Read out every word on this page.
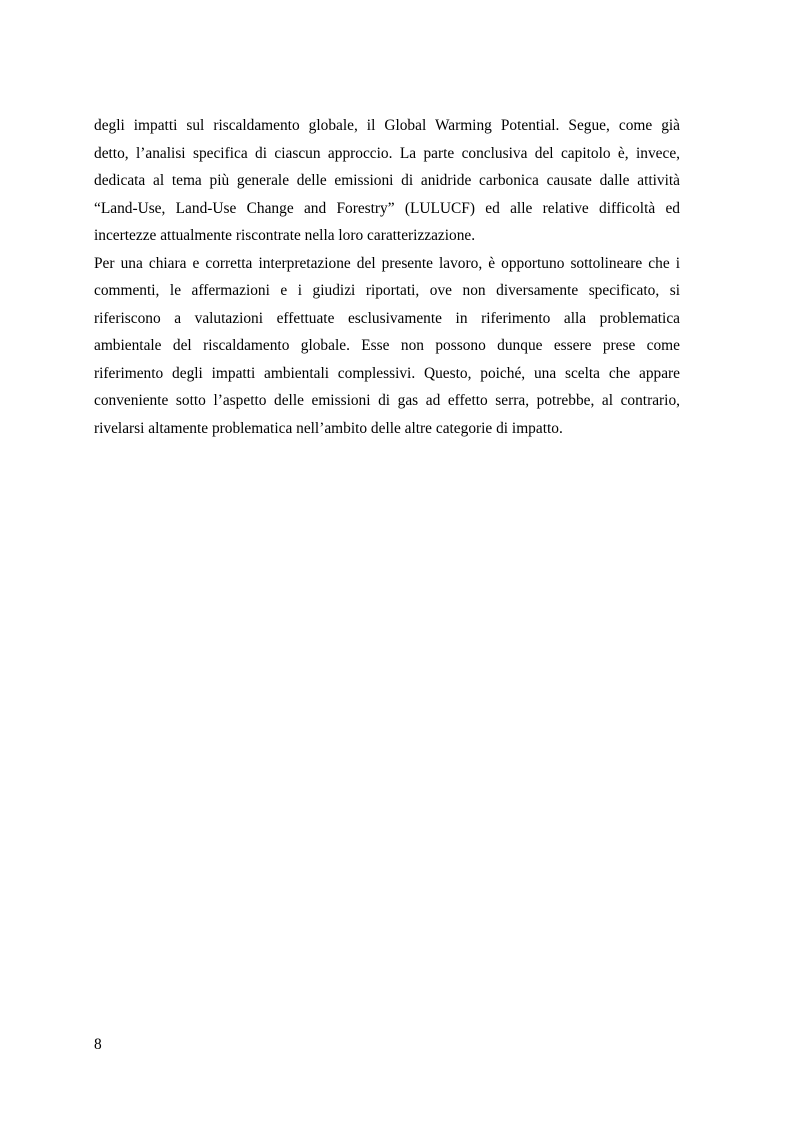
degli impatti sul riscaldamento globale, il Global Warming Potential. Segue, come già
detto, l’analisi specifica di ciascun approccio. La parte conclusiva del capitolo è, invece,
dedicata al tema più generale delle emissioni di anidride carbonica causate dalle attività
“Land-Use, Land-Use Change and Forestry” (LULUCF) ed alle relative difficoltà ed
incertezze attualmente riscontrate nella loro caratterizzazione.
Per una chiara e corretta interpretazione del presente lavoro, è opportuno sottolineare che i
commenti, le affermazioni e i giudizi riportati, ove non diversamente specificato, si
riferiscono a valutazioni effettuate esclusivamente in riferimento alla problematica
ambientale del riscaldamento globale. Esse non possono dunque essere prese come
riferimento degli impatti ambientali complessivi. Questo, poiché, una scelta che appare
conveniente sotto l’aspetto delle emissioni di gas ad effetto serra, potrebbe, al contrario,
rivelarsi altamente problematica nell’ambito delle altre categorie di impatto.
8
